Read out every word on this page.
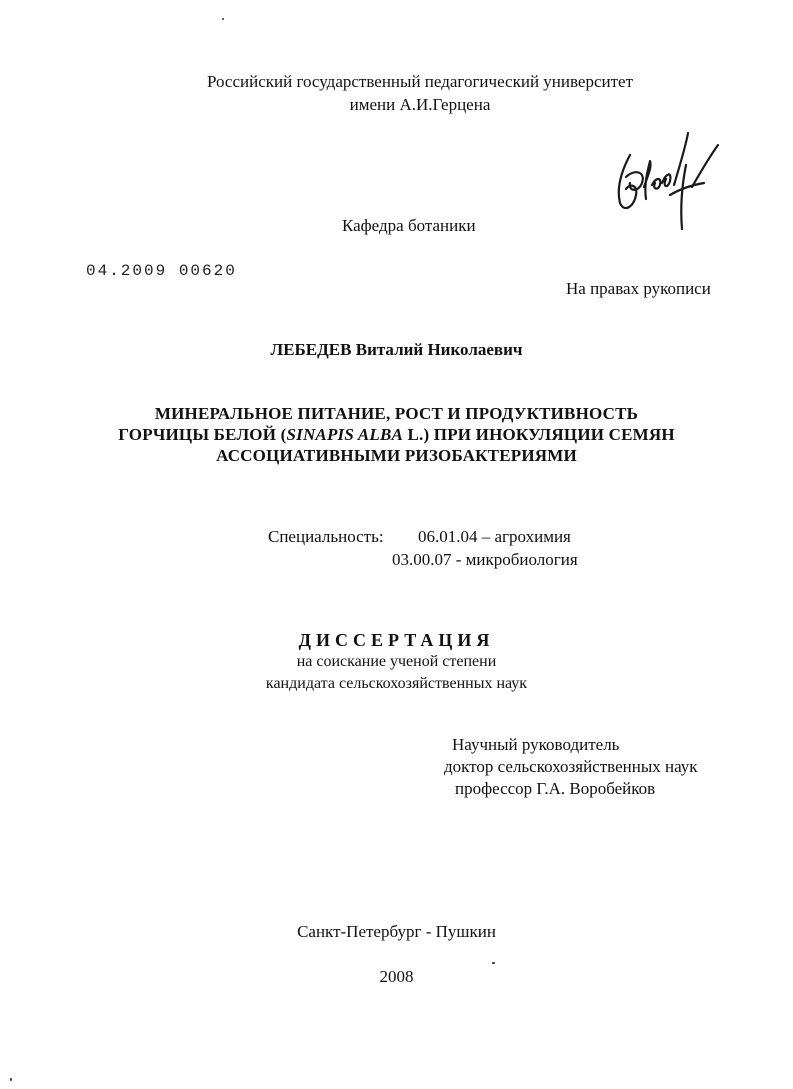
Российский государственный педагогический университет
имени А.И.Герцена
Кафедра ботаники
04.2009 00620
На правах рукописи
ЛЕБЕДЕВ Виталий Николаевич
МИНЕРАЛЬНОЕ ПИТАНИЕ, РОСТ И ПРОДУКТИВНОСТЬ
ГОРЧИЦЫ БЕЛОЙ (SINAPIS ALBA L.) ПРИ ИНОКУЛЯЦИИ СЕМЯН
АССОЦИАТИВНЫМИ РИЗОБАКТЕРИЯМИ
Специальность: 06.01.04 – агрохимия
03.00.07 - микробиология
ДИССЕРТАЦИЯ
на соискание ученой степени
кандидата сельскохозяйственных наук
Научный руководитель
доктор сельскохозяйственных наук
профессор Г.А. Воробейков
Санкт-Петербург - Пушкин
2008
